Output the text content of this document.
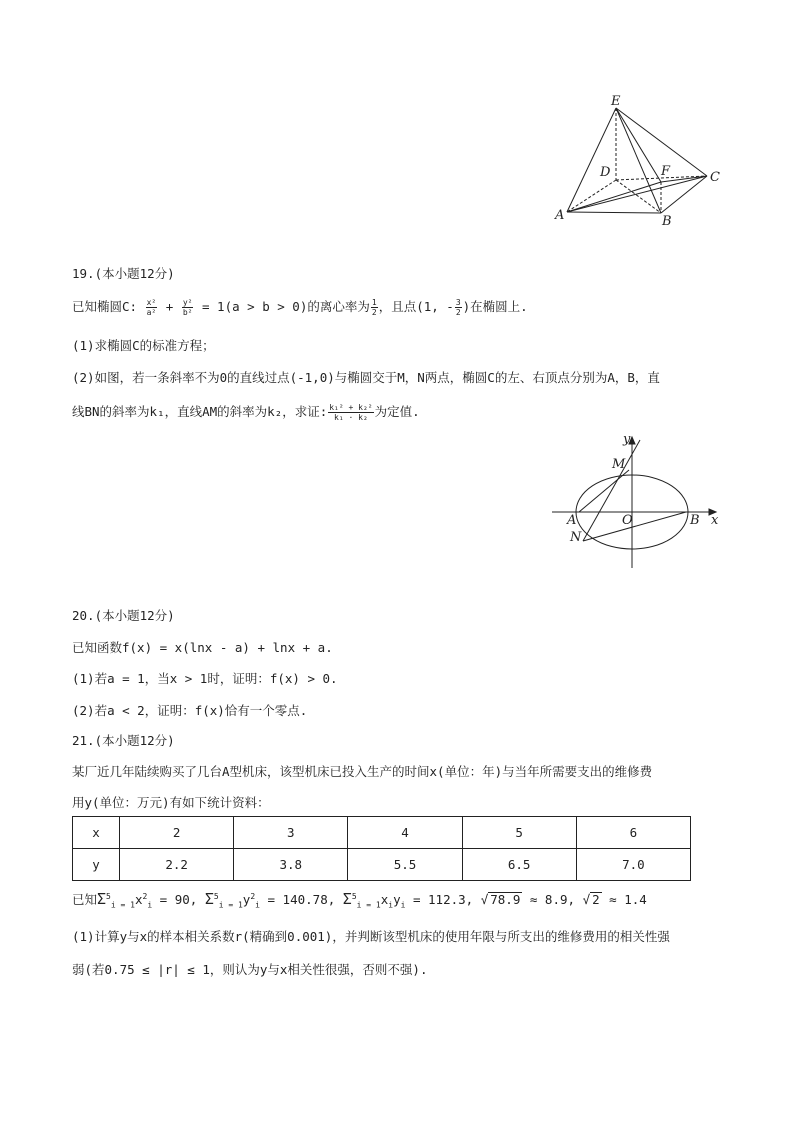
E
D	F	C
A	B
19.(本小题12分)
已知椭圆C: $\frac{\text{x²}}{\text{a²}} + \frac{\text{y²}}{\text{b²}} = 1(a > b > 0)$的离心率为 $\frac{1}{2}$ ，且点(1, - $\frac{3}{2}$ )在椭圆上.
(1)求椭圆C的标准方程；
(2)如图，若一条斜率不为0的直线过点(-1,0)与椭圆交于M，N两点，椭圆C的左、右顶点分别为A，B，直
线BN的斜率为k₁，直线AM的斜率为k₂，求证: $\frac{\text{k₁² + k₂²}}{\text{k₁ · k₂}}$ 为定值.
y
M
A	O	B x
N
20.(本小题12分)
已知函数f(x) = x(lnx - a) + lnx + a.
(1)若a = 1，当x > 1时，证明：f(x) > 0.
(2)若a < 2，证明：f(x)恰有一个零点.
21.(本小题12分)
某厂近几年陆续购买了几台A型机床，该型机床已投入生产的时间x(单位：年)与当年所需要支出的维修费
用y(单位：万元)有如下统计资料：
x	2	3	4	5	6
y	2.2	3.8	5.5	6.5	7.0
已知$\Sigma^5_{i = 1}x^2_i = 90$, $\Sigma^5_{i = 1}y^2_i = 140.78$, $\Sigma^5_{i = 1}x_iy_i = 112.3$, √ 78.9 ≈ 8.9, √ 2 ≈ 1.4
(1)计算y与x的样本相关系数r(精确到0.001)，并判断该型机床的使用年限与所支出的维修费用的相关性强
弱(若0.75 ≤ |r| ≤ 1，则认为y与x相关性很强，否则不强).
